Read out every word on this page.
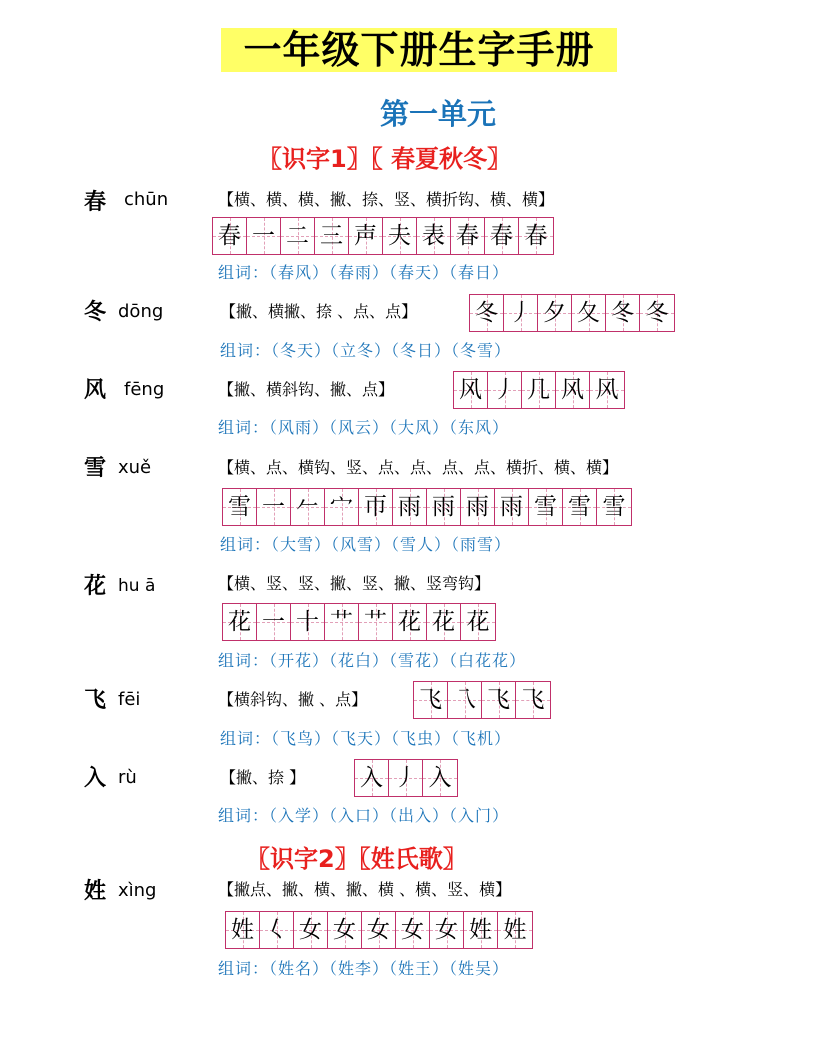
一年级下册生字手册
第一单元
〖识字1〗〖 春夏秋冬〗
春 chūn	【横、横、横、撇、捺、竖、横折钩、横、横】
春 一 二 三 声 夫 表 春 春 春
组词：（春风）（春雨）（春天）（春日）
冬 dōng	【撇、横撇、捺 、点、点】	冬 丿 夕 夂 冬 冬
组词：（冬天）（立冬）（冬日）（冬雪）
风 fēng	【撇、横斜钩、撇、点】	风 丿 几 风 风
组词：（风雨）（风云）（大风）（东风）
雪 xuě	【横、点、横钩、竖、点、点、点、点、横折、横、横】
雪 一 𠂉 宀 帀 雨 雨 雨 雨 雪 雪 雪
组词：（大雪）（风雪）（雪人）（雨雪）
花 hu ā	【横、竖、竖、撇、竖、撇、竖弯钩】
花 一 十 艹 艹 花 花 花
组词：（开花）（花白）（雪花）（白花花）
飞 fēi	【横斜钩、撇 、点】 飞 乁 飞 飞
组词：（飞鸟）（飞天）（飞虫）（飞机）
入 rù	【撇、捺 】 入 丿 入
组词：（入学）（入口）（出入）（入门）
〖识字2〗〖姓氏歌〗
姓 xìng	【撇点、撇、横、撇、横 、横、竖、横】
姓 𡿨 女 女 女 女 女 姓 姓
组词：（姓名）（姓李）（姓王）（姓吴）
